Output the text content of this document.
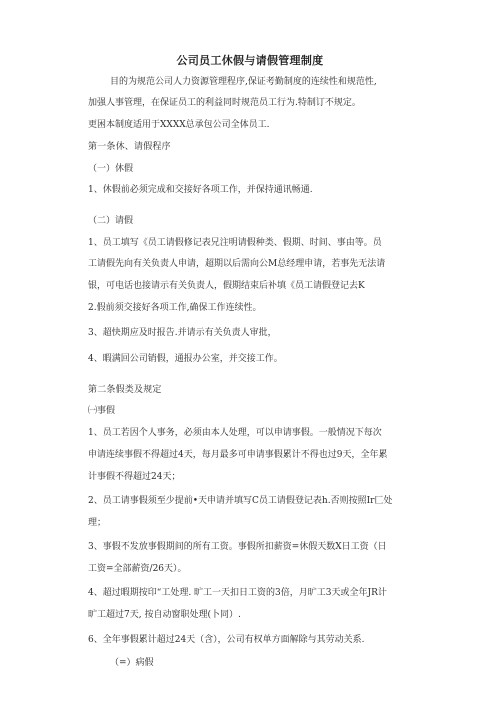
公司员工休假与请假管理制度
目的为规范公司人力资源管理程序,保证考勤制度的连续性和规范性,
加强人事管理，在保证员工的利益同时规范员工行为.特制订不规定。
更困本制度适用于XXXX总承包公司全体员工.
第一条休、请假程序
（一）休假
1、休假前必须完成和交接好各项工作，并保持通讯畅通.
（二）请假
1、员工填写《员工请假修记表兄注明请假种类、假期、时间、事由等。员
工请假先向有关负责人申请，超期以后需向公M总经理申请，若事先无法请
银，可电话也接请示有关负责人，假期结束后补填《员工请假登记去K
2.假前须交接好各项工作,确保工作连续性。
3、超快期应及时报告.并请示有关负责人审批，
4、暇满回公司销假，通报办公室，并交接工作。
第二条假类及规定
㈠事假
1、员工若因个人事务，必须由本人处理，可以申请事假。一般情况下每次
申请连续事假不得超过4天，每月最多可申请事假累计不得也过9天，全年累
计事假不得超过24天；
2、员工请事假须至少提前•天申请并填写C员工请假登记表h.否则按照Ir匚处
理；
3、事假不发放事假期间的所有工资。事假所扣薪资=休假天数X日工资（日
工资=全部薪资/26天）。
4、超过暇期按印“工处理. 旷工一天扣日工资的3倍，月旷工3天或全年JR计
旷工超过7天, 按自动窗职处理(卜同）.
6、全年事假累计超过24天（含），公司有权单方面解除与其劳动关系.
（=）病假
